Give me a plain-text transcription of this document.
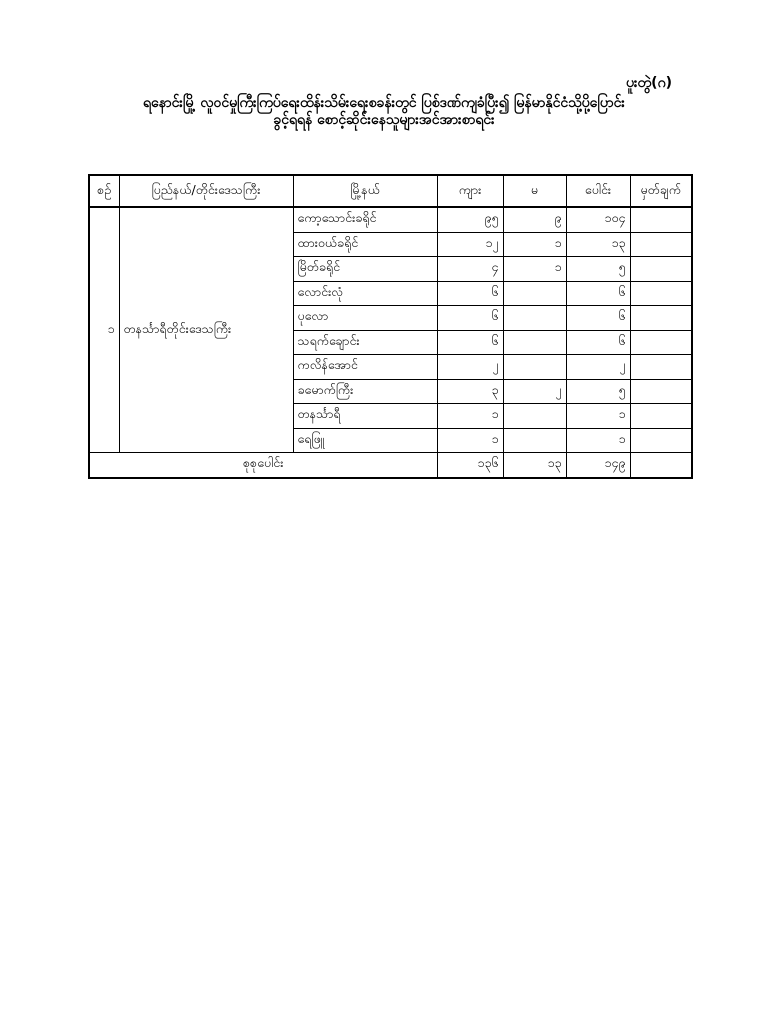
ပူးတွဲ(ဂ)
ရနောင်းမြို့ လူဝင်မှုကြီးကြပ်ရေးထိန်းသိမ်းရေးစခန်းတွင် ပြစ်ဒဏ်ကျခံပြီး၍ မြန်မာနိုင်ငံသို့ပို့ပြောင်း
ခွင့်ရရန် စောင့်ဆိုင်းနေသူများအင်အားစာရင်း
စဉ်	ပြည်နယ်/တိုင်းဒေသကြီး	မြို့နယ်	ကျား	မ	ပေါင်း	မှတ်ချက်
၁	တနင်္သာရီတိုင်းဒေသကြီး	ကော့သောင်းခရိုင်	၉၅	၉	၁၀၄	
		ထားဝယ်ခရိုင်	၁၂	၁	၁၃	
		မြိတ်ခရိုင်	၄	၁	၅	
		လောင်းလုံ	၆		၆	
		ပုလော	၆		၆	
		သရက်ချောင်း	၆		၆	
		ကလိန်အောင်	၂		၂	
		ခမောက်ကြီး	၃	၂	၅	
		တနင်္သာရီ	၁		၁	
		ရေဖြူ	၁		၁	
စုစုပေါင်း			၁၃၆	၁၃	၁၄၉	
